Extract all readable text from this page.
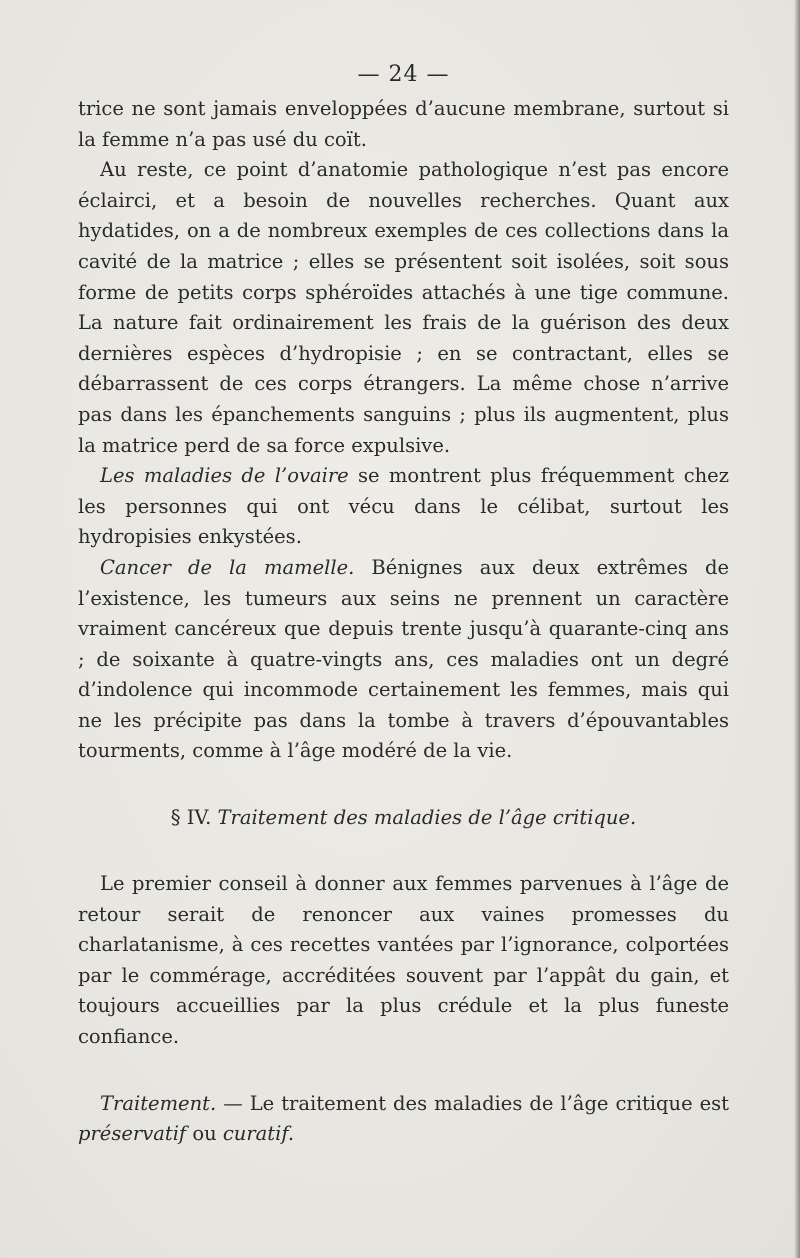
— 24 —

trice ne sont jamais enveloppées d’aucune membrane, surtout si la femme n’a pas usé du coït.

Au reste, ce point d’anatomie pathologique n’est pas encore éclairci, et a besoin de nouvelles recherches. Quant aux hydatides, on a de nombreux exemples de ces collections dans la cavité de la matrice ; elles se présentent soit isolées, soit sous forme de petits corps sphéroïdes attachés à une tige commune. La nature fait ordinairement les frais de la guérison des deux dernières espèces d’hydropisie ; en se contractant, elles se débarrassent de ces corps étrangers. La même chose n’arrive pas dans les épanchements sanguins ; plus ils augmentent, plus la matrice perd de sa force expulsive.

Les maladies de l’ovaire se montrent plus fréquemment chez les personnes qui ont vécu dans le célibat, surtout les hydropisies enkystées.

Cancer de la mamelle. Bénignes aux deux extrêmes de l’existence, les tumeurs aux seins ne prennent un caractère vraiment cancéreux que depuis trente jusqu’à quarante-cinq ans ; de soixante à quatre-vingts ans, ces maladies ont un degré d’indolence qui incommode certainement les femmes, mais qui ne les précipite pas dans la tombe à travers d’épouvantables tourments, comme à l’âge modéré de la vie.

§ IV. Traitement des maladies de l’âge critique.

Le premier conseil à donner aux femmes parvenues à l’âge de retour serait de renoncer aux vaines promesses du charlatanisme, à ces recettes vantées par l’ignorance, colportées par le commérage, accréditées souvent par l’appât du gain, et toujours accueillies par la plus crédule et la plus funeste confiance.

Traitement. — Le traitement des maladies de l’âge critique est préservatif ou curatif.
